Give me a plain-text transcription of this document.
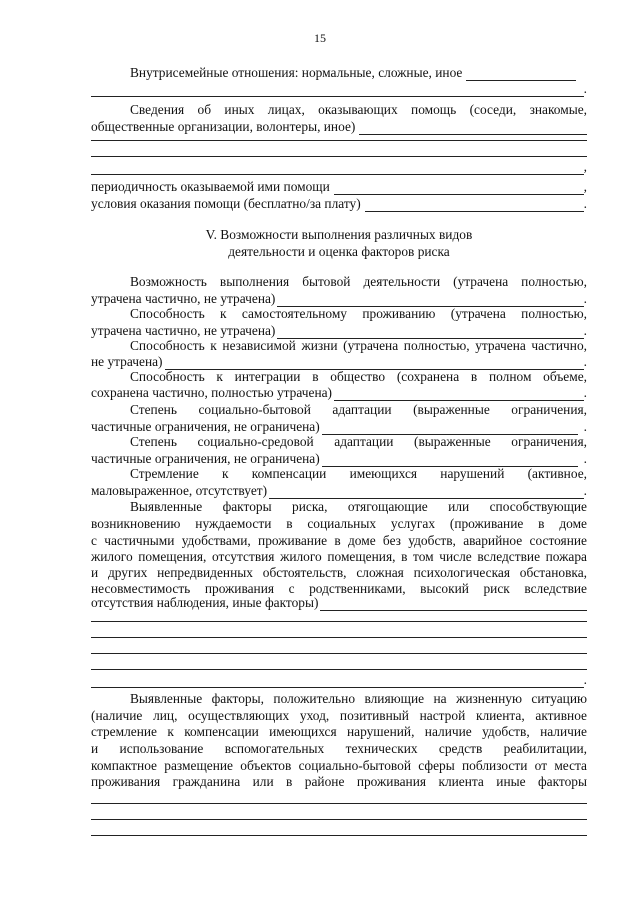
15
Внутрисемейные отношения: нормальные, сложные, иное
.
Сведения об иных лицах, оказывающих помощь (соседи, знакомые,
общественные организации, волонтеры, иное)
,
периодичность оказываемой ими помощи	,
условия оказания помощи (бесплатно/за плату)	.
V. Возможности выполнения различных видов
деятельности и оценка факторов риска
Возможность выполнения бытовой деятельности (утрачена полностью,
утрачена частично, не утрачена)	.
Способность к самостоятельному проживанию (утрачена полностью,
утрачена частично, не утрачена)	.
Способность к независимой жизни (утрачена полностью, утрачена частично,
не утрачена)	.
Способность к интеграции в общество (сохранена в полном объеме,
сохранена частично, полностью утрачена)	.
Степень социально-бытовой адаптации (выраженные ограничения,
частичные ограничения, не ограничена)	.
Степень социально-средовой адаптации (выраженные ограничения,
частичные ограничения, не ограничена)	.
Стремление к компенсации имеющихся нарушений (активное,
маловыраженное, отсутствует)	.
Выявленные факторы риска, отягощающие или способствующие
возникновению нуждаемости в социальных услугах (проживание в доме
с частичными удобствами, проживание в доме без удобств, аварийное состояние
жилого помещения, отсутствия жилого помещения, в том числе вследствие пожара
и других непредвиденных обстоятельств, сложная психологическая обстановка,
несовместимость проживания с родственниками, высокий риск вследствие
отсутствия наблюдения, иные факторы)
.
Выявленные факторы, положительно влияющие на жизненную ситуацию
(наличие лиц, осуществляющих уход, позитивный настрой клиента, активное
стремление к компенсации имеющихся нарушений, наличие удобств, наличие
и использование вспомогательных технических средств реабилитации,
компактное размещение объектов социально-бытовой сферы поблизости от места
проживания гражданина или в районе проживания клиента иные факторы
